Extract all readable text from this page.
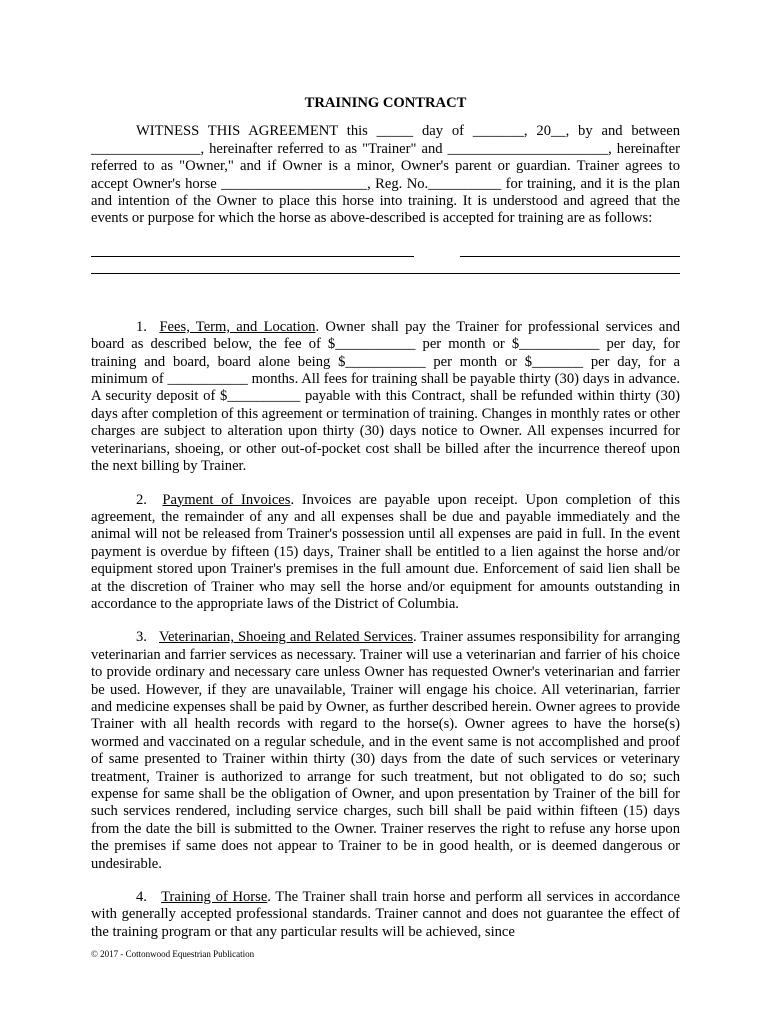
TRAINING CONTRACT

WITNESS THIS AGREEMENT this _____ day of _______, 20__, by and between _______________, hereinafter referred to as "Trainer" and ______________________, hereinafter referred to as "Owner," and if Owner is a minor, Owner's parent or guardian. Trainer agrees to accept Owner's horse ____________________, Reg. No.__________ for training, and it is the plan and intention of the Owner to place this horse into training. It is understood and agreed that the events or purpose for which the horse as above-described is accepted for training are as follows:

1. Fees, Term, and Location. Owner shall pay the Trainer for professional services and board as described below, the fee of $___________ per month or $___________ per day, for training and board, board alone being $___________ per month or $_______ per day, for a minimum of ___________ months. All fees for training shall be payable thirty (30) days in advance. A security deposit of $__________ payable with this Contract, shall be refunded within thirty (30) days after completion of this agreement or termination of training. Changes in monthly rates or other charges are subject to alteration upon thirty (30) days notice to Owner. All expenses incurred for veterinarians, shoeing, or other out-of-pocket cost shall be billed after the incurrence thereof upon the next billing by Trainer.

2. Payment of Invoices. Invoices are payable upon receipt. Upon completion of this agreement, the remainder of any and all expenses shall be due and payable immediately and the animal will not be released from Trainer's possession until all expenses are paid in full. In the event payment is overdue by fifteen (15) days, Trainer shall be entitled to a lien against the horse and/or equipment stored upon Trainer's premises in the full amount due. Enforcement of said lien shall be at the discretion of Trainer who may sell the horse and/or equipment for amounts outstanding in accordance to the appropriate laws of the District of Columbia.

3. Veterinarian, Shoeing and Related Services. Trainer assumes responsibility for arranging veterinarian and farrier services as necessary. Trainer will use a veterinarian and farrier of his choice to provide ordinary and necessary care unless Owner has requested Owner's veterinarian and farrier be used. However, if they are unavailable, Trainer will engage his choice. All veterinarian, farrier and medicine expenses shall be paid by Owner, as further described herein. Owner agrees to provide Trainer with all health records with regard to the horse(s). Owner agrees to have the horse(s) wormed and vaccinated on a regular schedule, and in the event same is not accomplished and proof of same presented to Trainer within thirty (30) days from the date of such services or veterinary treatment, Trainer is authorized to arrange for such treatment, but not obligated to do so; such expense for same shall be the obligation of Owner, and upon presentation by Trainer of the bill for such services rendered, including service charges, such bill shall be paid within fifteen (15) days from the date the bill is submitted to the Owner. Trainer reserves the right to refuse any horse upon the premises if same does not appear to Trainer to be in good health, or is deemed dangerous or undesirable.

4. Training of Horse. The Trainer shall train horse and perform all services in accordance with generally accepted professional standards. Trainer cannot and does not guarantee the effect of the training program or that any particular results will be achieved, since

© 2017 - Cottonwood Equestrian Publication
